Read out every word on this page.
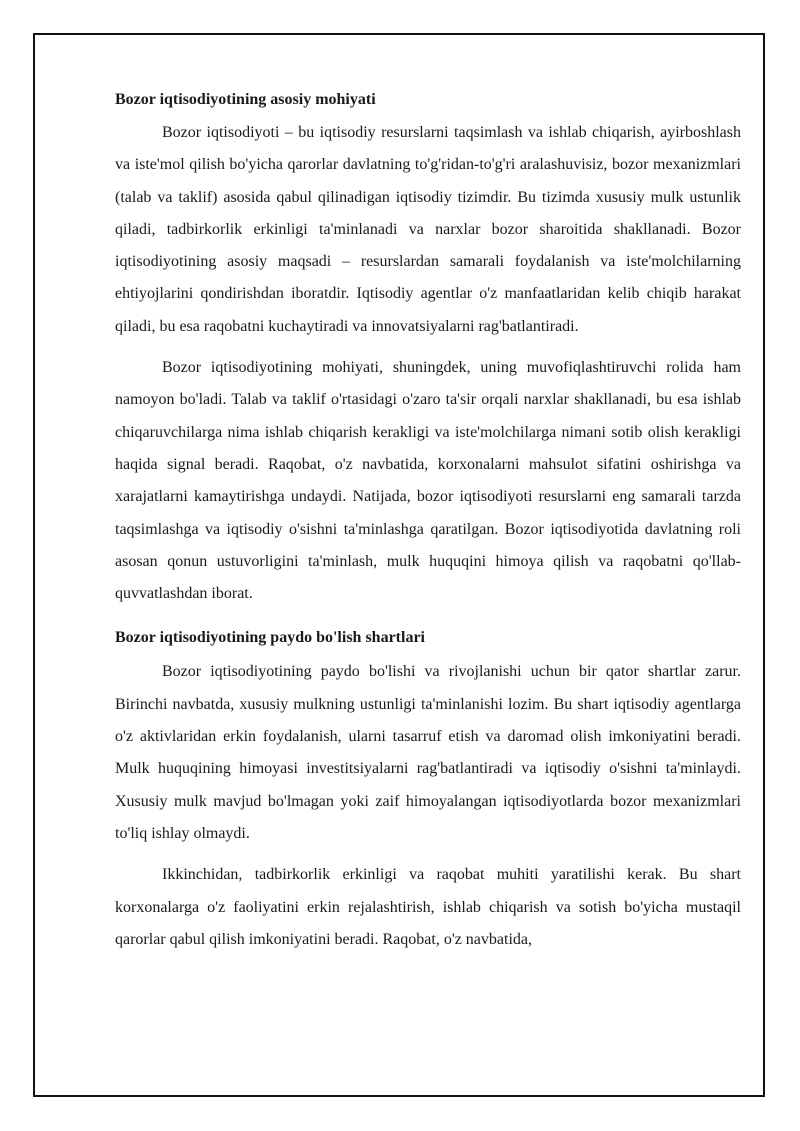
Bozor iqtisodiyotining asosiy mohiyati

Bozor iqtisodiyoti – bu iqtisodiy resurslarni taqsimlash va ishlab chiqarish, ayirboshlash va iste'mol qilish bo'yicha qarorlar davlatning to'g'ridan-to'g'ri aralashuvisiz, bozor mexanizmlari (talab va taklif) asosida qabul qilinadigan iqtisodiy tizimdir. Bu tizimda xususiy mulk ustunlik qiladi, tadbirkorlik erkinligi ta'minlanadi va narxlar bozor sharoitida shakllanadi. Bozor iqtisodiyotining asosiy maqsadi – resurslardan samarali foydalanish va iste'molchilarning ehtiyojlarini qondirishdan iboratdir. Iqtisodiy agentlar o'z manfaatlaridan kelib chiqib harakat qiladi, bu esa raqobatni kuchaytiradi va innovatsiyalarni rag'batlantiradi.

Bozor iqtisodiyotining mohiyati, shuningdek, uning muvofiqlashtiruvchi rolida ham namoyon bo'ladi. Talab va taklif o'rtasidagi o'zaro ta'sir orqali narxlar shakllanadi, bu esa ishlab chiqaruvchilarga nima ishlab chiqarish kerakligi va iste'molchilarga nimani sotib olish kerakligi haqida signal beradi. Raqobat, o'z navbatida, korxonalarni mahsulot sifatini oshirishga va xarajatlarni kamaytirishga undaydi. Natijada, bozor iqtisodiyoti resurslarni eng samarali tarzda taqsimlashga va iqtisodiy o'sishni ta'minlashga qaratilgan. Bozor iqtisodiyotida davlatning roli asosan qonun ustuvorligini ta'minlash, mulk huquqini himoya qilish va raqobatni qo'llab-quvvatlashdan iborat.

Bozor iqtisodiyotining paydo bo'lish shartlari

Bozor iqtisodiyotining paydo bo'lishi va rivojlanishi uchun bir qator shartlar zarur. Birinchi navbatda, xususiy mulkning ustunligi ta'minlanishi lozim. Bu shart iqtisodiy agentlarga o'z aktivlaridan erkin foydalanish, ularni tasarruf etish va daromad olish imkoniyatini beradi. Mulk huquqining himoyasi investitsiyalarni rag'batlantiradi va iqtisodiy o'sishni ta'minlaydi. Xususiy mulk mavjud bo'lmagan yoki zaif himoyalangan iqtisodiyotlarda bozor mexanizmlari to'liq ishlay olmaydi.

Ikkinchidan, tadbirkorlik erkinligi va raqobat muhiti yaratilishi kerak. Bu shart korxonalarga o'z faoliyatini erkin rejalashtirish, ishlab chiqarish va sotish bo'yicha mustaqil qarorlar qabul qilish imkoniyatini beradi. Raqobat, o'z navbatida,
